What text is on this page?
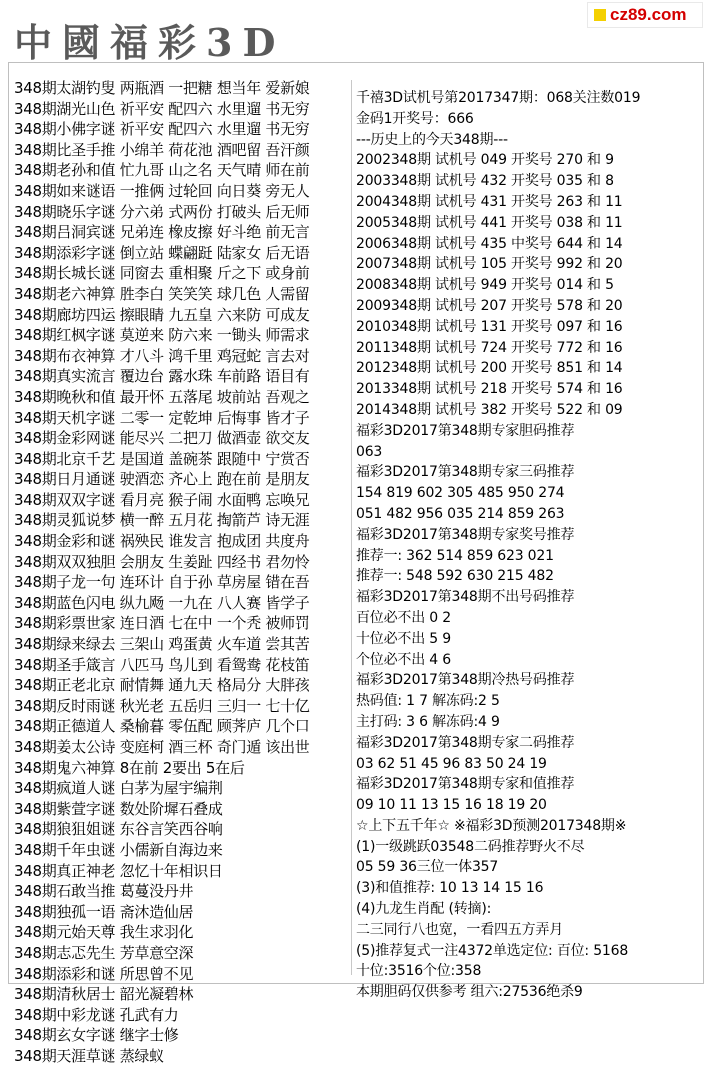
中國福彩3D
cz89.com
348期太湖钓叟 两瓶酒 一把糖 想当年 爱新娘
348期湖光山色 祈平安 配四六 水里遛 书无穷
348期小佛字谜 祈平安 配四六 水里遛 书无穷
348期比圣手推 小绵羊 荷花池 酒吧留 吾汗颜
348期老孙和值 忙九哥 山之名 天气晴 师在前
348期如来谜语 一推俩 过轮回 向日葵 旁无人
348期晓乐字谜 分六弟 式两份 打破头 后无师
348期吕洞宾谜 兄弟连 橡皮擦 好斗绝 前无言
348期添彩字谜 倒立站 蝶翩跹 陆家女 后无语
348期长城长谜 同窗去 重相聚 斤之下 或身前
348期老六神算 胜李白 笑笑笑 球几色 人需留
348期廊坊四运 擦眼睛 九五皇 六来防 可成友
348期红枫字谜 莫逆来 防六来 一锄头 师需求
348期布衣神算 才八斗 鸿千里 鸡冠蛇 言去对
348期真实流言 覆边台 露水珠 车前路 语目有
348期晚秋和值 最开怀 五落尾 坡前站 吾观之
348期天机字谜 二零一 定乾坤 后悔事 皆才子
348期金彩网谜 能尽兴 二把刀 做酒壶 欲交友
348期北京千艺 是国道 盖碗茶 跟随中 宁赏否
348期日月通谜 驶酒恋 齐心上 跑在前 是朋友
348期双双字谜 看月亮 猴子闹 水面鸭 忘唤兄
348期灵狐说梦 横一醉 五月花 掏箭芦 诗无涯
348期金彩和谜 祸殃民 谁发言 抱成团 共度舟
348期双双独胆 会朋友 生姜趾 四经书 君勿怜
348期子龙一句 连环计 自于孙 草房屋 错在吾
348期蓝色闪电 纵九飏 一九在 八人赛 皆学子
348期彩票世家 连日酒 七在中 一个秃 被师罚
348期绿来绿去 三架山 鸡蛋黄 火车道 尝其苦
348期圣手箴言 八匹马 鸟儿到 看鸳鸯 花枝笛
348期正老北京 耐情舞 通九天 格局分 大胖孩
348期反时雨谜 秋光老 五岳归 三归一 七十亿
348期正德道人 桑榆暮 零伍配 顾荠庐 几个口
348期姜太公诗 变庭柯 酒三杯 奇门遁 该出世
348期鬼六神算 8在前 2要出 5在后
348期疯道人谜 白茅为屋宇编荆
348期紫萱字谜 数处阶墀石叠成
348期狼狙姐谜 东谷言笑西谷响
348期千年虫谜 小儒新自海边来
348期真正神老 忽忆十年相识日
348期石敢当推 葛蔓没丹井
348期独孤一语 斋沐造仙居
348期元始天尊 我生求羽化
348期志忑先生 芳草意空深
348期添彩和谜 所思曾不见
348期清秋居士 韶光凝碧林
348期中彩龙谜 孔武有力
348期玄女字谜 继字士修
348期天涯草谜 蒸绿蚁
千禧3D试机号第2017347期：068关注数019
金码1开奖号：666
---历史上的今天348期---
2002348期 试机号 049 开奖号 270 和 9
2003348期 试机号 432 开奖号 035 和 8
2004348期 试机号 431 开奖号 263 和 11
2005348期 试机号 441 开奖号 038 和 11
2006348期 试机号 435 中奖号 644 和 14
2007348期 试机号 105 开奖号 992 和 20
2008348期 试机号 949 开奖号 014 和 5
2009348期 试机号 207 开奖号 578 和 20
2010348期 试机号 131 开奖号 097 和 16
2011348期 试机号 724 开奖号 772 和 16
2012348期 试机号 200 开奖号 851 和 14
2013348期 试机号 218 开奖号 574 和 16
2014348期 试机号 382 开奖号 522 和 09
福彩3D2017第348期专家胆码推荐
063
福彩3D2017第348期专家三码推荐
154 819 602 305 485 950 274
051 482 956 035 214 859 263
福彩3D2017第348期专家奖号推荐
推荐一: 362 514 859 623 021
推荐一: 548 592 630 215 482
福彩3D2017第348期不出号码推荐
百位必不出 0 2
十位必不出 5 9
个位必不出 4 6
福彩3D2017第348期冷热号码推荐
热码值: 1 7 解冻码:2 5
主打码: 3 6 解冻码:4 9
福彩3D2017第348期专家二码推荐
03 62 51 45 96 83 50 24 19
福彩3D2017第348期专家和值推荐
09 10 11 13 15 16 18 19 20
☆上下五千年☆ ※福彩3D预测2017348期※
(1)一级跳跃03548二码推荐野火不尽
05 59 36三位一体357
(3)和值推荐: 10 13 14 15 16
(4)九龙生肖配 (转摘):
二三同行八也宽，一看四五方弄月
(5)推荐复式一注4372单选定位: 百位: 5168
十位:3516个位:358
本期胆码仅供参考 组六:27536绝杀9
